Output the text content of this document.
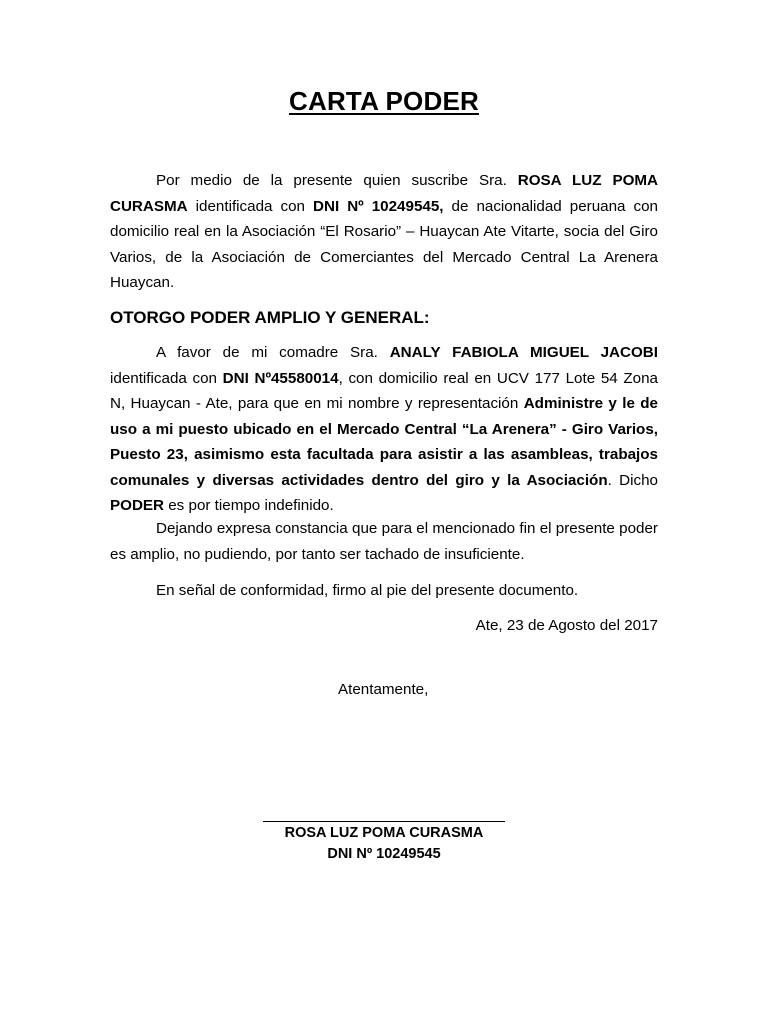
CARTA PODER

Por medio de la presente quien suscribe Sra. ROSA LUZ POMA CURASMA identificada con DNI Nº 10249545, de nacionalidad peruana con domicilio real en la Asociación “El Rosario” – Huaycan Ate Vitarte, socia del Giro Varios, de la Asociación de Comerciantes del Mercado Central La Arenera Huaycan.

OTORGO PODER AMPLIO Y GENERAL:

A favor de mi comadre Sra. ANALY FABIOLA MIGUEL JACOBI identificada con DNI Nº45580014, con domicilio real en UCV 177 Lote 54 Zona N, Huaycan - Ate, para que en mi nombre y representación Administre y le de uso a mi puesto ubicado en el Mercado Central “La Arenera” - Giro Varios, Puesto 23, asimismo esta facultada para asistir a las asambleas, trabajos comunales y diversas actividades dentro del giro y la Asociación. Dicho PODER es por tiempo indefinido.

Dejando expresa constancia que para el mencionado fin el presente poder es amplio, no pudiendo, por tanto ser tachado de insuficiente.

En señal de conformidad, firmo al pie del presente documento.

Ate, 23 de Agosto del 2017
Atentamente,
ROSA LUZ POMA CURASMA
DNI Nº 10249545
